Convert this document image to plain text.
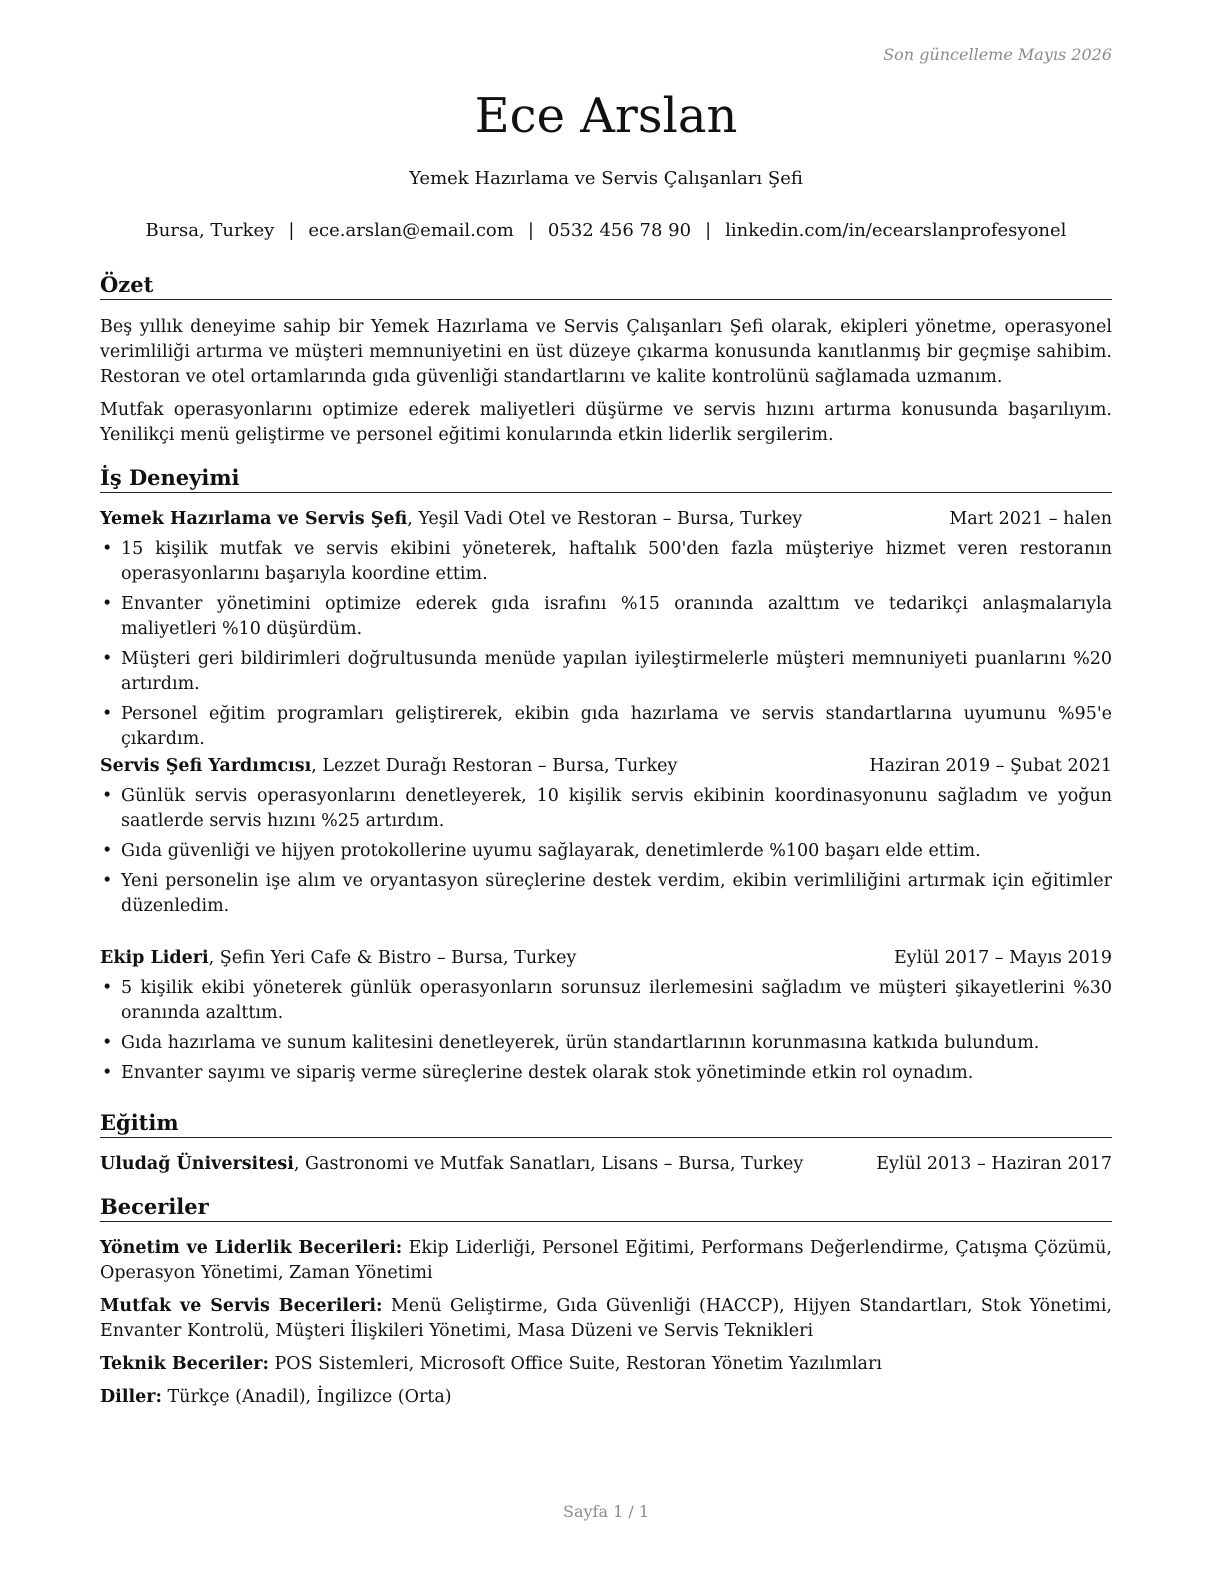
Son güncelleme Mayıs 2026
Ece Arslan
Yemek Hazırlama ve Servis Çalışanları Şefi
Bursa, Turkey | ece.arslan@email.com | 0532 456 78 90 | linkedin.com/in/ecearslanprofesyonel
Özet

Beş yıllık deneyime sahip bir Yemek Hazırlama ve Servis Çalışanları Şefi olarak, ekipleri yönetme, operasyonel verimliliği artırma ve müşteri memnuniyetini en üst düzeye çıkarma konusunda kanıtlanmış bir geçmişe sahibim. Restoran ve otel ortamlarında gıda güvenliği standartlarını ve kalite kontrolünü sağlamada uzmanım.

Mutfak operasyonlarını optimize ederek maliyetleri düşürme ve servis hızını artırma konusunda başarılıyım. Yenilikçi menü geliştirme ve personel eğitimi konularında etkin liderlik sergilerim.

İş Deneyimi
Yemek Hazırlama ve Servis Şefi, Yeşil Vadi Otel ve Restoran – Bursa, Turkey	Mart 2021 – halen
• 15 kişilik mutfak ve servis ekibini yöneterek, haftalık 500'den fazla müşteriye hizmet veren restoranın operasyonlarını başarıyla koordine ettim.
• Envanter yönetimini optimize ederek gıda israfını %15 oranında azalttım ve tedarikçi anlaşmalarıyla maliyetleri %10 düşürdüm.
• Müşteri geri bildirimleri doğrultusunda menüde yapılan iyileştirmelerle müşteri memnuniyeti puanlarını %20 artırdım.
• Personel eğitim programları geliştirerek, ekibin gıda hazırlama ve servis standartlarına uyumunu %95'e çıkardım.
Servis Şefi Yardımcısı, Lezzet Durağı Restoran – Bursa, Turkey	Haziran 2019 – Şubat 2021
• Günlük servis operasyonlarını denetleyerek, 10 kişilik servis ekibinin koordinasyonunu sağladım ve yoğun saatlerde servis hızını %25 artırdım.
• Gıda güvenliği ve hijyen protokollerine uyumu sağlayarak, denetimlerde %100 başarı elde ettim.
• Yeni personelin işe alım ve oryantasyon süreçlerine destek verdim, ekibin verimliliğini artırmak için eğitimler düzenledim.
Ekip Lideri, Şefin Yeri Cafe & Bistro – Bursa, Turkey	Eylül 2017 – Mayıs 2019
• 5 kişilik ekibi yöneterek günlük operasyonların sorunsuz ilerlemesini sağladım ve müşteri şikayetlerini %30 oranında azalttım.
• Gıda hazırlama ve sunum kalitesini denetleyerek, ürün standartlarının korunmasına katkıda bulundum.
• Envanter sayımı ve sipariş verme süreçlerine destek olarak stok yönetiminde etkin rol oynadım.
Eğitim
Uludağ Üniversitesi, Gastronomi ve Mutfak Sanatları, Lisans – Bursa, Turkey	Eylül 2013 – Haziran 2017
Beceriler
Yönetim ve Liderlik Becerileri: Ekip Liderliği, Personel Eğitimi, Performans Değerlendirme, Çatışma Çözümü, Operasyon Yönetimi, Zaman Yönetimi
Mutfak ve Servis Becerileri: Menü Geliştirme, Gıda Güvenliği (HACCP), Hijyen Standartları, Stok Yönetimi, Envanter Kontrolü, Müşteri İlişkileri Yönetimi, Masa Düzeni ve Servis Teknikleri
Teknik Beceriler: POS Sistemleri, Microsoft Office Suite, Restoran Yönetim Yazılımları
Diller: Türkçe (Anadil), İngilizce (Orta)
Sayfa 1 / 1
